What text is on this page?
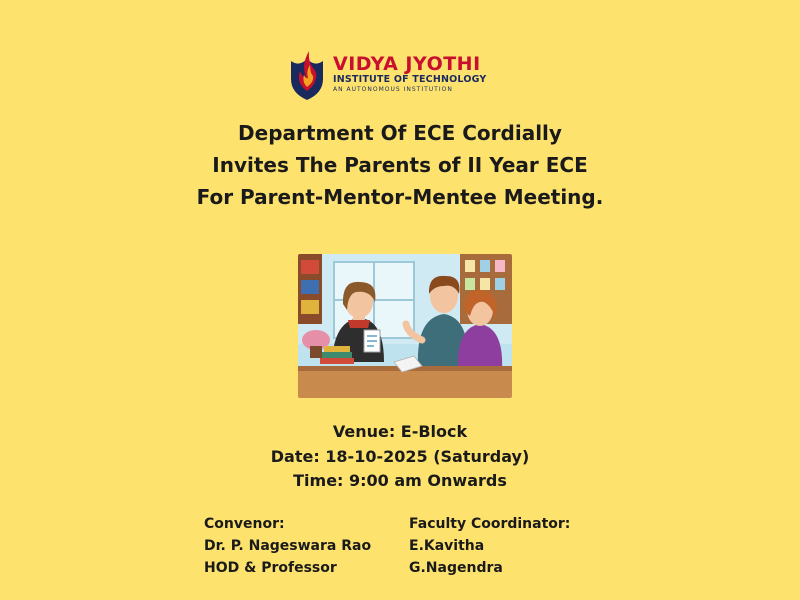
VIDYA JYOTHI
INSTITUTE OF TECHNOLOGY
AN AUTONOMOUS INSTITUTION
Department Of ECE Cordially
Invites The Parents of II Year ECE
For Parent-Mentor-Mentee Meeting.
Venue: E-Block
Date: 18-10-2025 (Saturday)
Time: 9:00 am Onwards
Convenor:
Dr. P. Nageswara Rao
HOD & Professor
Faculty Coordinator:
E.Kavitha
G.Nagendra
